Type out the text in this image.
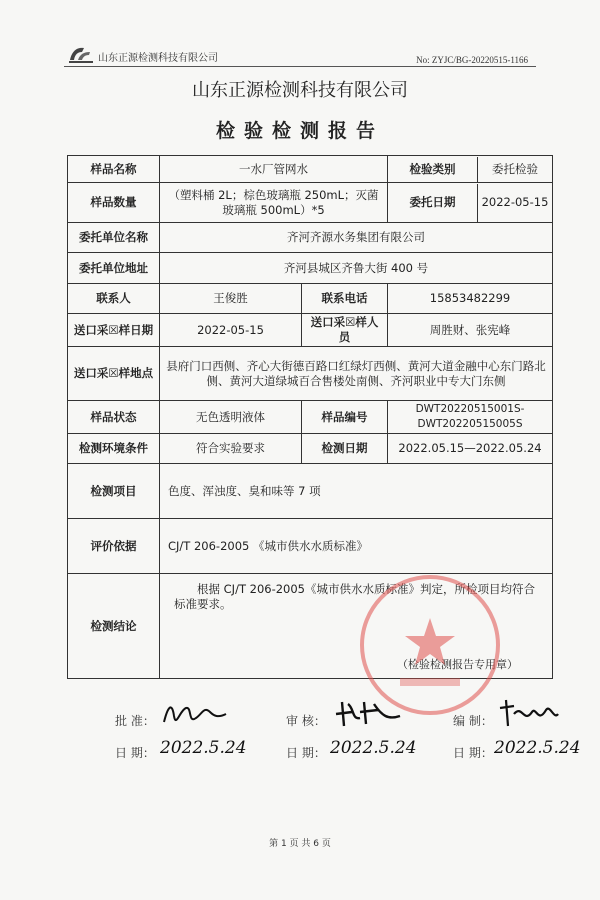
山东正源检测科技有限公司	No: ZYJC/BG-20220515-1166
山东正源检测科技有限公司
检验检测报告
样品名称	一水厂管网水		检验类别 委托检验

样品数量	（塑料桶 2L；棕色玻璃瓶 250mL；灭菌玻璃瓶 500mL）*5		委托日期 2022-05-15

委托单位名称	齐河齐源水务集团有限公司		
委托单位地址	齐河县城区齐鲁大街 400 号		
联系人	王俊胜	联系电话	15853482299
送口采☒样日期	2022-05-15	送口采☒样人员	周胜财、张宪峰
送口采☒样地点	县府门口西侧、齐心大街德百路口红绿灯西侧、黄河大道金融中心东门路北侧、黄河大道绿城百合售楼处南侧、齐河职业中专大门东侧		
样品状态	无色透明液体	样品编号	DWT20220515001S-DWT20220515005S
检测环境条件	符合实验要求	检测日期	2022.05.15—2022.05.24
检测项目	色度、浑浊度、臭和味等 7 项		
评价依据	CJ/T 206-2005 《城市供水水质标准》		
检测结论	根据 CJ/T 206-2005《城市供水水质标准》判定，所检项目均符合标准要求。
（检验检测报告专用章）		
批 准：	审 核：	编 制：
日 期：	日 期：	日 期：
2022.5.24	2022.5.24	2022.5.24
第 1 页 共 6 页
